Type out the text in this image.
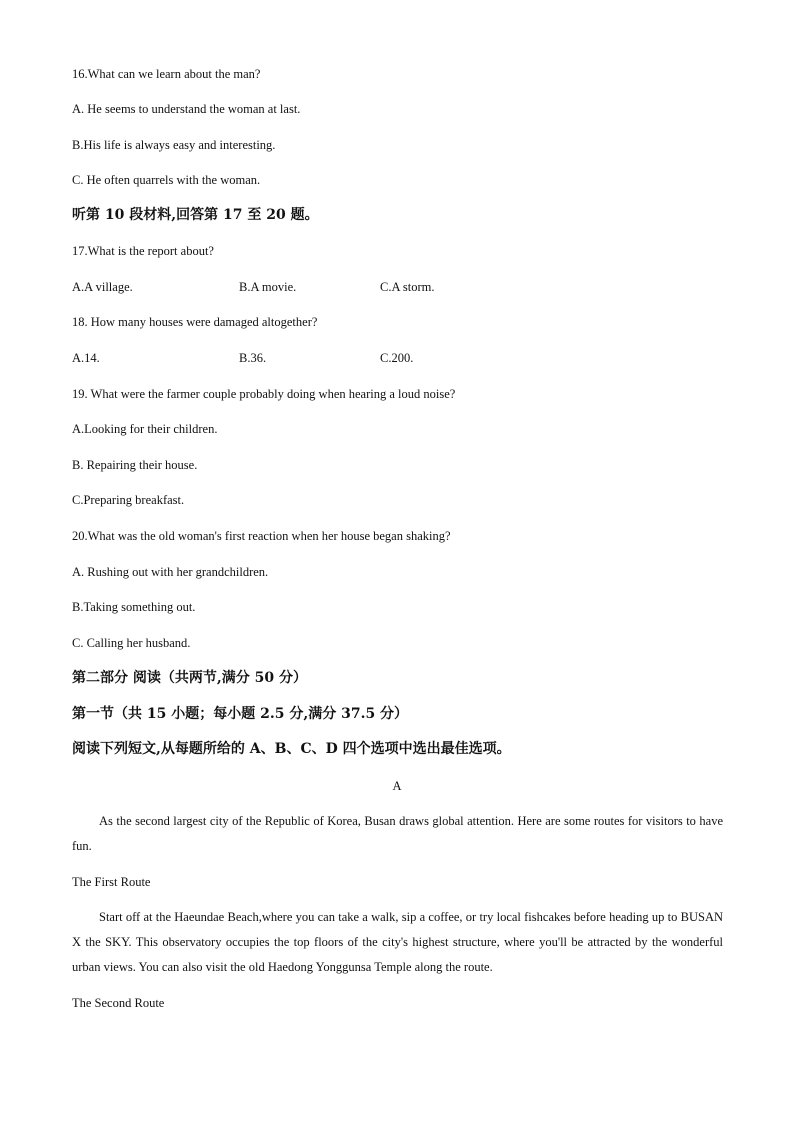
16.What can we learn about the man?
A. He seems to understand the woman at last.
B.His life is always easy and interesting.
C. He often quarrels with the woman.
听第 10 段材料,回答第 17 至 20 题。
17.What is the report about?
A.A village.	B.A movie.	C.A storm.
18. How many houses were damaged altogether?
A.14.	B.36.	C.200.
19. What were the farmer couple probably doing when hearing a loud noise?
A.Looking for their children.
B. Repairing their house.
C.Preparing breakfast.
20.What was the old woman's first reaction when her house began shaking?
A. Rushing out with her grandchildren.
B.Taking something out.
C. Calling her husband.
第二部分 阅读（共两节,满分 50 分）
第一节（共 15 小题；每小题 2.5 分,满分 37.5 分）
阅读下列短文,从每题所给的 A、B、C、D 四个选项中选出最佳选项。
A
As the second largest city of the Republic of Korea, Busan draws global attention. Here are some routes for visitors to have fun.
The First Route
Start off at the Haeundae Beach,where you can take a walk, sip a coffee, or try local fishcakes before heading up to BUSAN X the SKY. This observatory occupies the top floors of the city's highest structure, where you'll be attracted by the wonderful urban views. You can also visit the old Haedong Yonggunsa Temple along the route.
The Second Route
